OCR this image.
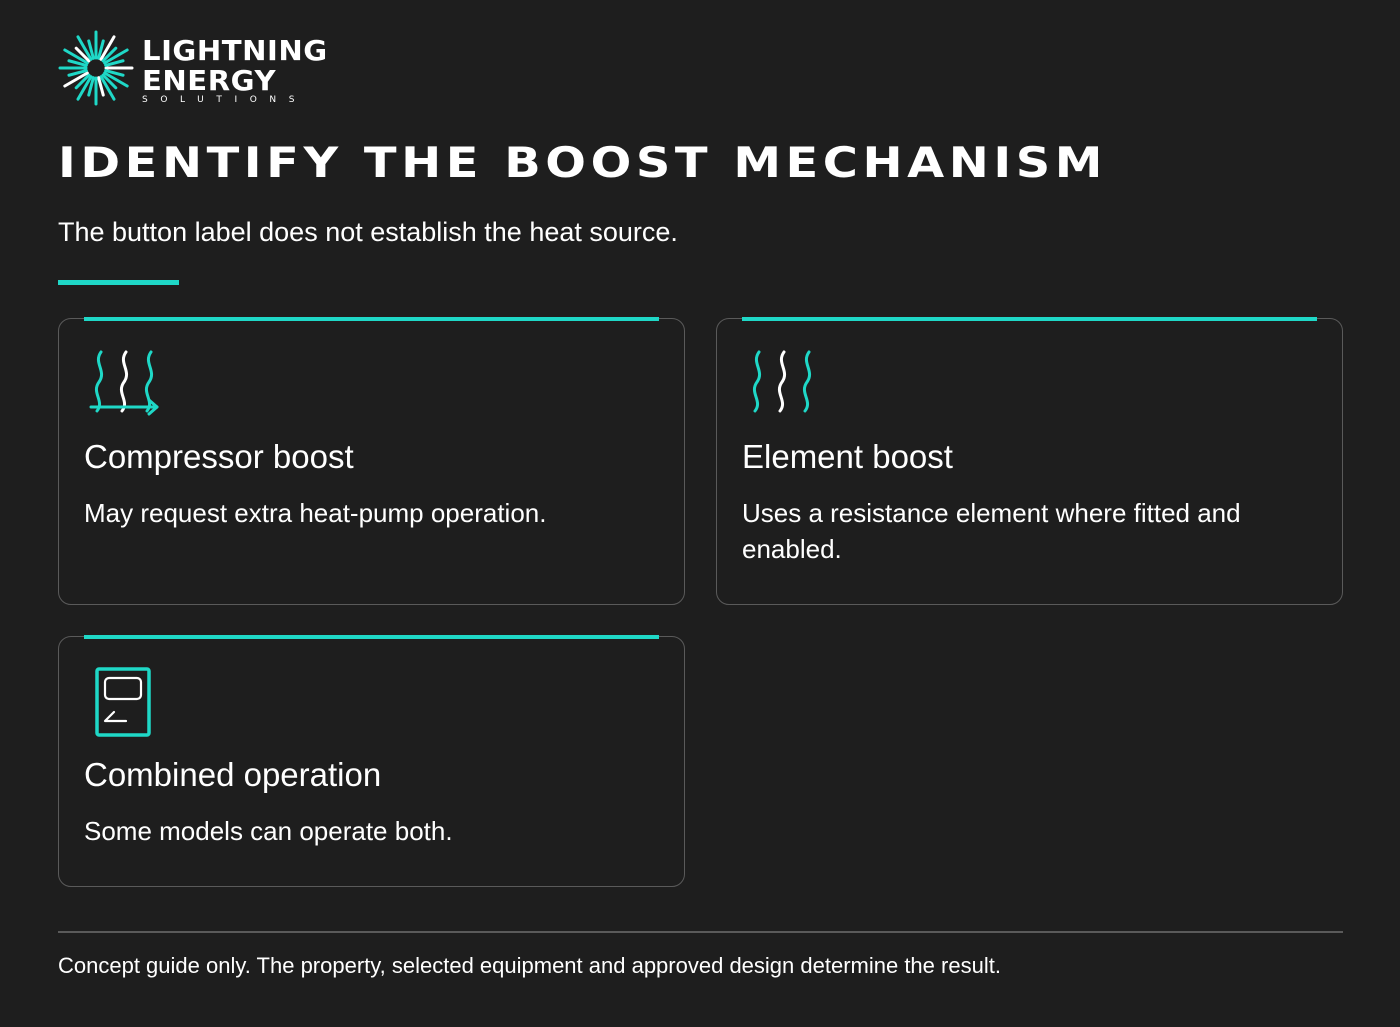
LIGHTNING
ENERGY
SOLUTIONS
IDENTIFY THE BOOST MECHANISM
The button label does not establish the heat source.
Compressor boost
May request extra heat-pump operation.
Element boost
Uses a resistance element where fitted and enabled.
Combined operation
Some models can operate both.
Concept guide only. The property, selected equipment and approved design determine the result.
